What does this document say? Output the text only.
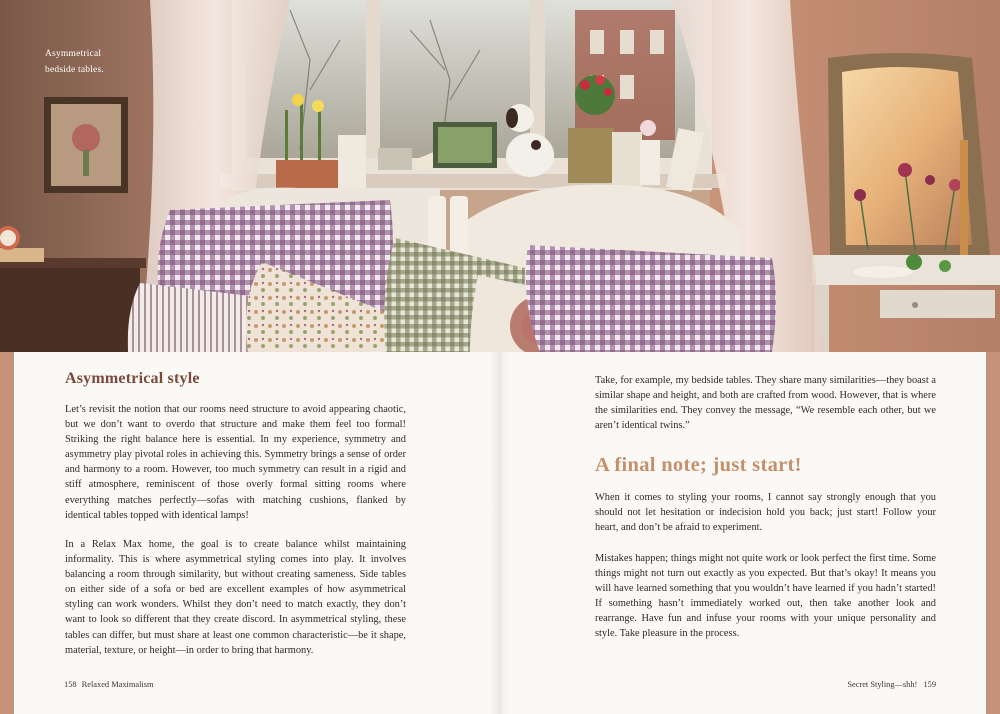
Asymmetrical
bedside tables.
Asymmetrical style

Let’s revisit the notion that our rooms need structure to avoid appearing chaotic, but we don’t want to overdo that structure and make them feel too formal! Striking the right balance here is essential. In my experience, symmetry and asymmetry play pivotal roles in achieving this. Symmetry brings a sense of order and harmony to a room. However, too much symmetry can result in a rigid and stiff atmosphere, reminiscent of those overly formal sitting rooms where everything matches perfectly—sofas with matching cushions, flanked by identical tables topped with identical lamps!

In a Relax Max home, the goal is to create balance whilst maintaining informality. This is where asymmetrical styling comes into play. It involves balancing a room through similarity, but without creating sameness. Side tables on either side of a sofa or bed are excellent examples of how asymmetrical styling can work wonders. Whilst they don’t need to match exactly, they don’t want to look so different that they create discord. In asymmetrical styling, these tables can differ, but must share at least one common characteristic—be it shape, material, texture, or height—in order to bring that harmony.

158 Relaxed Maximalism

Take, for example, my bedside tables. They share many similarities—they boast a similar shape and height, and both are crafted from wood. However, that is where the similarities end. They convey the message, “We resemble each other, but we aren’t identical twins.”

A final note; just start!

When it comes to styling your rooms, I cannot say strongly enough that you should not let hesitation or indecision hold you back; just start! Follow your heart, and don’t be afraid to experiment.

Mistakes happen; things might not quite work or look perfect the first time. Some things might not turn out exactly as you expected. But that’s okay! It means you will have learned something that you wouldn’t have learned if you hadn’t started! If something hasn’t immediately worked out, then take another look and rearrange. Have fun and infuse your rooms with your unique personality and style. Take pleasure in the process.

Secret Styling—shh! 159
